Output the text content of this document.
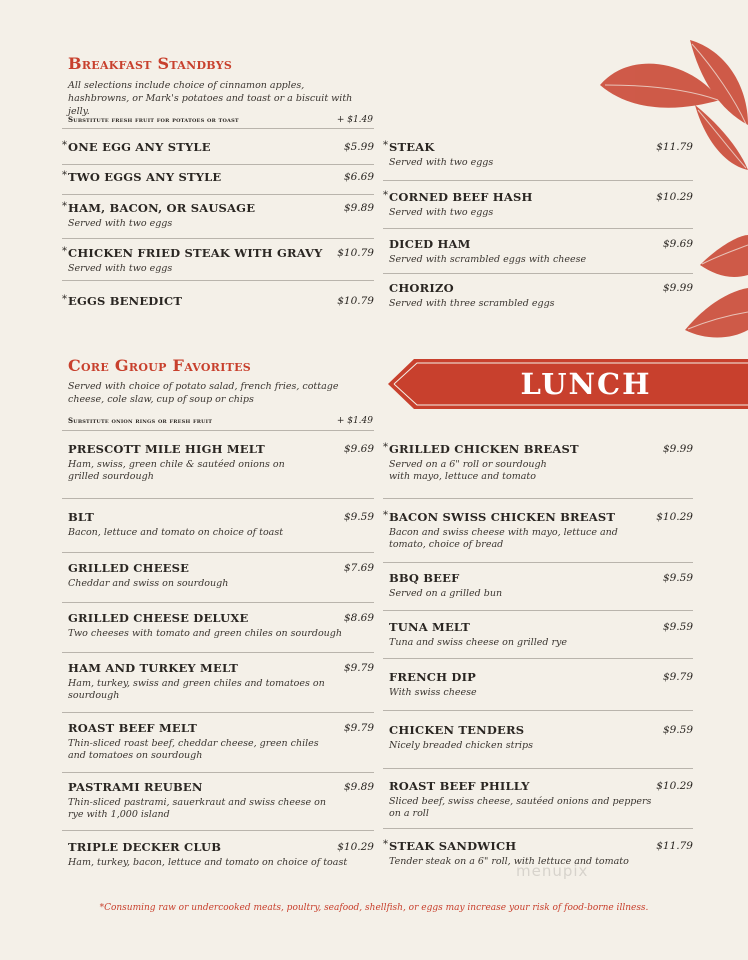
Breakfast Standbys
All selections include choice of cinnamon apples, hashbrowns, or Mark's potatoes and toast or a biscuit with jelly.
Substitute fresh fruit for potatoes or toast	+ $1.49
* ONE EGG ANY STYLE	$5.99
* TWO EGGS ANY STYLE	$6.69
* HAM, BACON, OR SAUSAGE	$9.89
Served with two eggs
* CHICKEN FRIED STEAK WITH GRAVY $10.79
Served with two eggs
* EGGS BENEDICT	$10.79
* STEAK	$11.79
Served with two eggs
* CORNED BEEF HASH	$10.29
Served with two eggs
DICED HAM	$9.69
Served with scrambled eggs with cheese
CHORIZO	$9.99
Served with three scrambled eggs
LUNCH
Core Group Favorites
Served with choice of potato salad, french fries, cottage cheese, cole slaw, cup of soup or chips
Substitute onion rings or fresh fruit	+ $1.49
PRESCOTT MILE HIGH MELT	$9.69
Ham, swiss, green chile & sautéed onions on grilled sourdough
BLT	$9.59
Bacon, lettuce and tomato on choice of toast
GRILLED CHEESE	$7.69
Cheddar and swiss on sourdough
GRILLED CHEESE DELUXE	$8.69
Two cheeses with tomato and green chiles on sourdough
HAM AND TURKEY MELT	$9.79
Ham, turkey, swiss and green chiles and tomatoes on sourdough
ROAST BEEF MELT	$9.79
Thin-sliced roast beef, cheddar cheese, green chiles and tomatoes on sourdough
PASTRAMI REUBEN	$9.89
Thin-sliced pastrami, sauerkraut and swiss cheese on rye with 1,000 island
TRIPLE DECKER CLUB	$10.29
Ham, turkey, bacon, lettuce and tomato on choice of toast
* GRILLED CHICKEN BREAST	$9.99
Served on a 6" roll or sourdough with mayo, lettuce and tomato
* BACON SWISS CHICKEN BREAST	$10.29
Bacon and swiss cheese with mayo, lettuce and tomato, choice of bread
BBQ BEEF	$9.59
Served on a grilled bun
TUNA MELT	$9.59
Tuna and swiss cheese on grilled rye
FRENCH DIP	$9.79
With swiss cheese
CHICKEN TENDERS	$9.59
Nicely breaded chicken strips
ROAST BEEF PHILLY	$10.29
Sliced beef, swiss cheese, sautéed onions and peppers on a roll
* STEAK SANDWICH	$11.79
Tender steak on a 6" roll, with lettuce and tomato
menupix
*Consuming raw or undercooked meats, poultry, seafood, shellfish, or eggs may increase your risk of food-borne illness.
